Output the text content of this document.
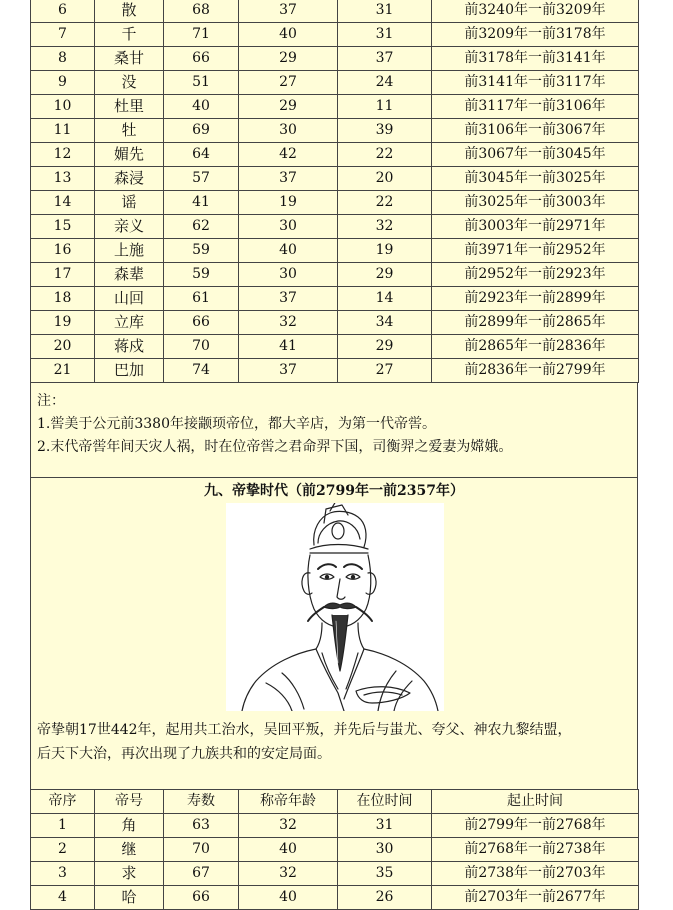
6	散	68	37	31	前3240年一前3209年
7	千	71	40	31	前3209年一前3178年
8	桑甘	66	29	37	前3178年一前3141年
9	没	51	27	24	前3141年一前3117年
10	杜里	40	29	11	前3117年一前3106年
11	牡	69	30	39	前3106年一前3067年
12	媚先	64	42	22	前3067年一前3045年
13	森浸	57	37	20	前3045年一前3025年
14	谣	41	19	22	前3025年一前3003年
15	亲义	62	30	32	前3003年一前2971年
16	上施	59	40	19	前3971年一前2952年
17	森辈	59	30	29	前2952年一前2923年
18	山回	61	37	14	前2923年一前2899年
19	立库	66	32	34	前2899年一前2865年
20	蒋戍	70	41	29	前2865年一前2836年
21	巴加	74	37	27	前2836年一前2799年
注：
1.喾美于公元前3380年接颛顼帝位，都大辛店，为第一代帝喾。
2.末代帝喾年间天灾人祸，时在位帝喾之君命羿下国，司衡羿之爱妻为嫦娥。
九、帝挚时代（前2799年一前2357年）
帝挚朝17世442年，起用共工治水，吴回平叛，并先后与蚩尤、夸父、神农九黎结盟，
后天下大治，再次出现了九族共和的安定局面。
帝序	帝号	寿数	称帝年龄	在位时间	起止时间
1	角	63	32	31	前2799年一前2768年
2	继	70	40	30	前2768年一前2738年
3	求	67	32	35	前2738年一前2703年
4	哈	66	40	26	前2703年一前2677年
